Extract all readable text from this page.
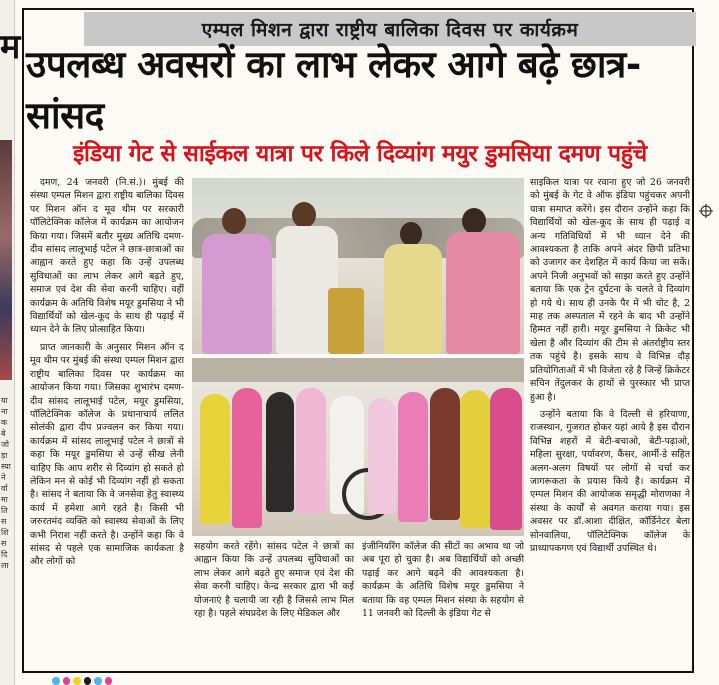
म
या ना क बे जो ड़ा स्या ने र्वा मा ति स शि स दि ला
एम्पल मिशन द्वारा राष्ट्रीय बालिका दिवस पर कार्यक्रम
उपलब्ध अवसरों का लाभ लेकर आगे बढ़े छात्र-सांसद
इंडिया गेट से साईकल यात्रा पर किले दिव्यांग मयुर डुमसिया दमण पहुंचे

दमण, 24 जनवरी (नि.सं.)। मुंबई की संस्था एम्पल मिशन द्वारा राष्ट्रीय बालिका दिवस पर मिशन ऑन द मूव थीम पर सरकारी पॉलिटेक्निक कॉलेज में कार्यक्रम का आयोजन किया गया। जिसमें बतौर मुख्य अतिथि दमण-दीव सांसद लालूभाई पटेल ने छात्र-छात्राओं का आह्वान करते हुए कहा कि उन्हें उपलब्ध सुविधाओं का लाभ लेकर आगे बढ़ते हुए, समाज एवं देश की सेवा करनी चाहिए। वहीं कार्यक्रम के अतिथि विशेष मयूर डुमसिया ने भी विद्यार्थियों को खेल-कूद के साथ ही पढ़ाई में ध्यान देने के लिए प्रोत्साहित किया।

प्राप्त जानकारी के अनुसार मिशन ऑन द मूव थीम पर मुंबई की संस्था एम्पल मिशन द्वारा राष्ट्रीय बालिका दिवस पर कार्यक्रम का आयोजन किया गया। जिसका शुभारंभ दमण-दीव सांसद लालूभाई पटेल, मयूर डुमसिया, पॉलिटेक्निक कॉलेज के प्रधानाचार्य ललित सोलंकी द्वारा दीप प्रज्वलन कर किया गया। कार्यक्रम में सांसद लालूभाई पटेल ने छात्रों से कहा कि मयूर डुमसिया से उन्हें सीख लेनी चाहिए कि आप शरीर से दिव्यांग हो सकते हो लेकिन मन से कोई भी दिव्यांग नहीं हो सकता है। सांसद ने बताया कि वे जनसेवा हेतु स्वास्थ्य कार्य में हमेशा आगे रहते है। किसी भी जरुरतमंद व्यक्ति को स्वास्थ्य सेवाओं के लिए कभी निराश नहीं करते है। उन्होंने कहा कि वे सांसद से पहले एक सामाजिक कार्यकता है और लोगों को

सहयोग करते रहेंगे। सांसद पटेल ने छात्रों का आह्वान किया कि उन्हें उपलब्ध सुविधाओं का लाभ लेकर आगे बढ़ते हुए समाज एवं देश की सेवा करनी चाहिए। केन्द्र सरकार द्वारा भी कई योजनाएं है चलायी जा रही है जिससे लाभ मिल रहा है। पहले संघप्रदेश के लिए मेडिकल और

इंजीनियरिंग कॉलेज की सीटों का अभाव था जो अब पूरा हो चुका है। अब विद्यार्थियों को अच्छी पढ़ाई कर आगे बढ़ने की आवश्यकता है। कार्यक्रम के अतिथि विशेष मयूर डुमसिया ने बताया कि वह एम्पल मिशन संस्था के सहयोग से 11 जनवरी को दिल्ली के इंडिया गेट से

साइकिल यात्रा पर रवाना हुए जो 26 जनवरी को मुंबई के गेट वे ऑफ इंडिया पहुंचकर अपनी यात्रा समाप्त करेंगे। इस दौरान उन्होंने कहा कि विद्यार्थियों को खेल-कूद के साथ ही पढ़ाई व अन्य गतिविधियों में भी ध्यान देने की आवश्यकता है ताकि अपने अंदर छिपी प्रतिभा को उजागर कर देशहित में कार्य किया जा सकें। अपने निजी अनुभवों को साझा करते हुए उन्होंने बताया कि एक ट्रेन दुर्घटना के चलते वे दिव्यांग हो गये थे। साथ ही उनके पैर में भी चोट है, 2 माह तक अस्पताल में रहने के बाद भी उन्होंने हिम्मत नहीं हारी। मयूर डुमसिया ने क्रिकेट भी खेला है और दिव्यांग की टीम से अंतर्राष्ट्रीय स्तर तक पहुंचे है। इसके साथ वे विभिन्न दौड़ प्रतियोगिताओं में भी विजेता रहे है जिन्हें क्रिकेटर सचिन तेंदुलकर के हाथों से पुरस्कार भी प्राप्त हुआ है।

उन्होंने बताया कि वे दिल्ली से हरियाणा, राजस्थान, गुजरात होकर यहां आये है इस दौरान विभिन्न शहरों में बेटी-बचाओ, बेटी-पढ़ाओ, महिला सुरक्षा, पर्यावरण, कैंसर, आर्मी-डे सहित अलग-अलग विषयों पर लोगों से चर्चा कर जागरूकता के प्रयास किये है। कार्यक्रम में एम्पल मिशन की आयोजक समृद्धी मोराणका ने संस्था के कार्यों से अवगत कराया गया। इस अवसर पर डॉ.आशा दीक्षित, कॉर्डिनेटर बेला सोनवालिया, पॉलिटेक्निक कॉलेज के प्राध्यापकगण एवं विद्यार्थी उपस्थित थे।
